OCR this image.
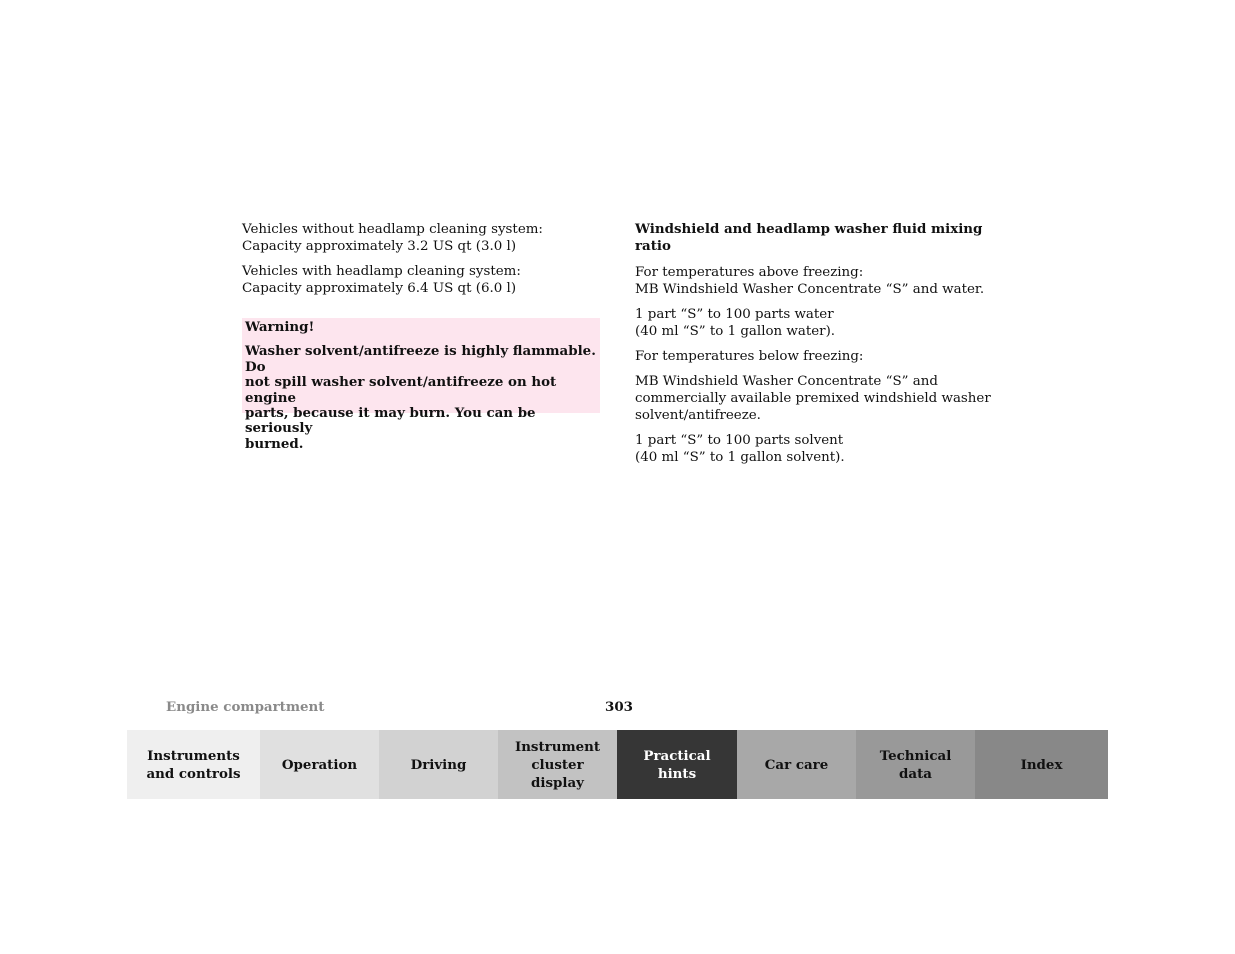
Vehicles without headlamp cleaning system:
Capacity approximately 3.2 US qt (3.0 l)

Vehicles with headlamp cleaning system:
Capacity approximately 6.4 US qt (6.0 l)

Warning!

Washer solvent/antifreeze is highly flammable. Do
not spill washer solvent/antifreeze on hot engine
parts, because it may burn. You can be seriously
burned.

Windshield and headlamp washer fluid mixing ratio

For temperatures above freezing:
MB Windshield Washer Concentrate “S” and water.

1 part “S” to 100 parts water
(40 ml “S” to 1 gallon water).

For temperatures below freezing:

MB Windshield Washer Concentrate “S” and
commercially available premixed windshield washer
solvent/antifreeze.

1 part “S” to 100 parts solvent
(40 ml “S” to 1 gallon solvent).

Engine compartment	303
Instruments
and controls
Operation	Driving
Instrument
cluster display
Practical hints
Car care
Technical
data
Index
